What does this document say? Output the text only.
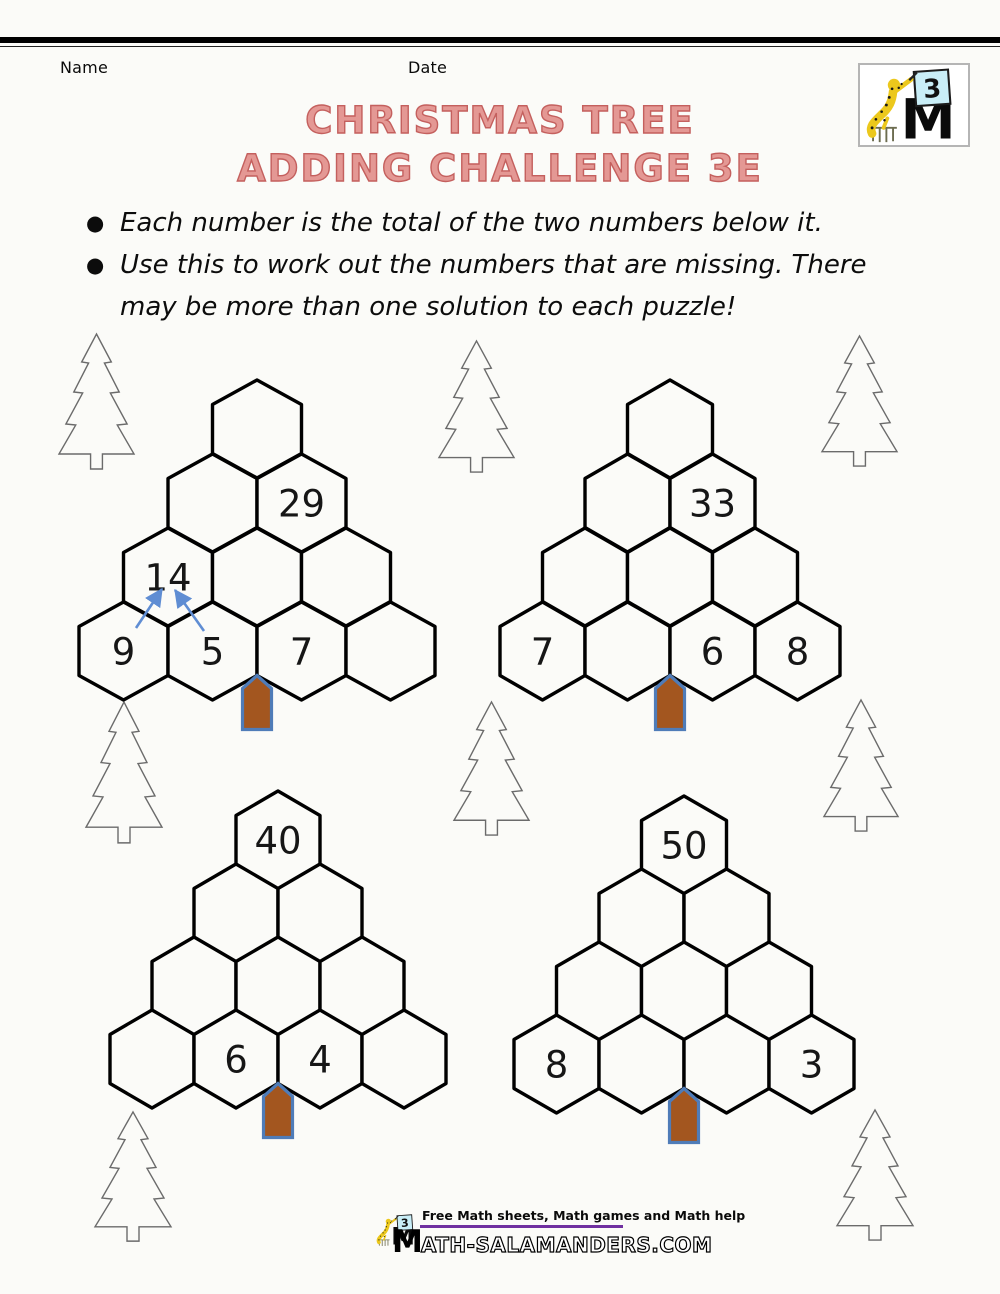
Name	Date
CHRISTMAS TREE
ADDING CHALLENGE 3E
● Each number is the total of the two numbers below it.
● Use this to work out the numbers that are missing. There may be more than one solution to each puzzle!
29
14
9 5 7
33
7	6 8
40
6 4
50
8	3
Free Math sheets, Math games and Math help
MATH-SALAMANDERS.COM
